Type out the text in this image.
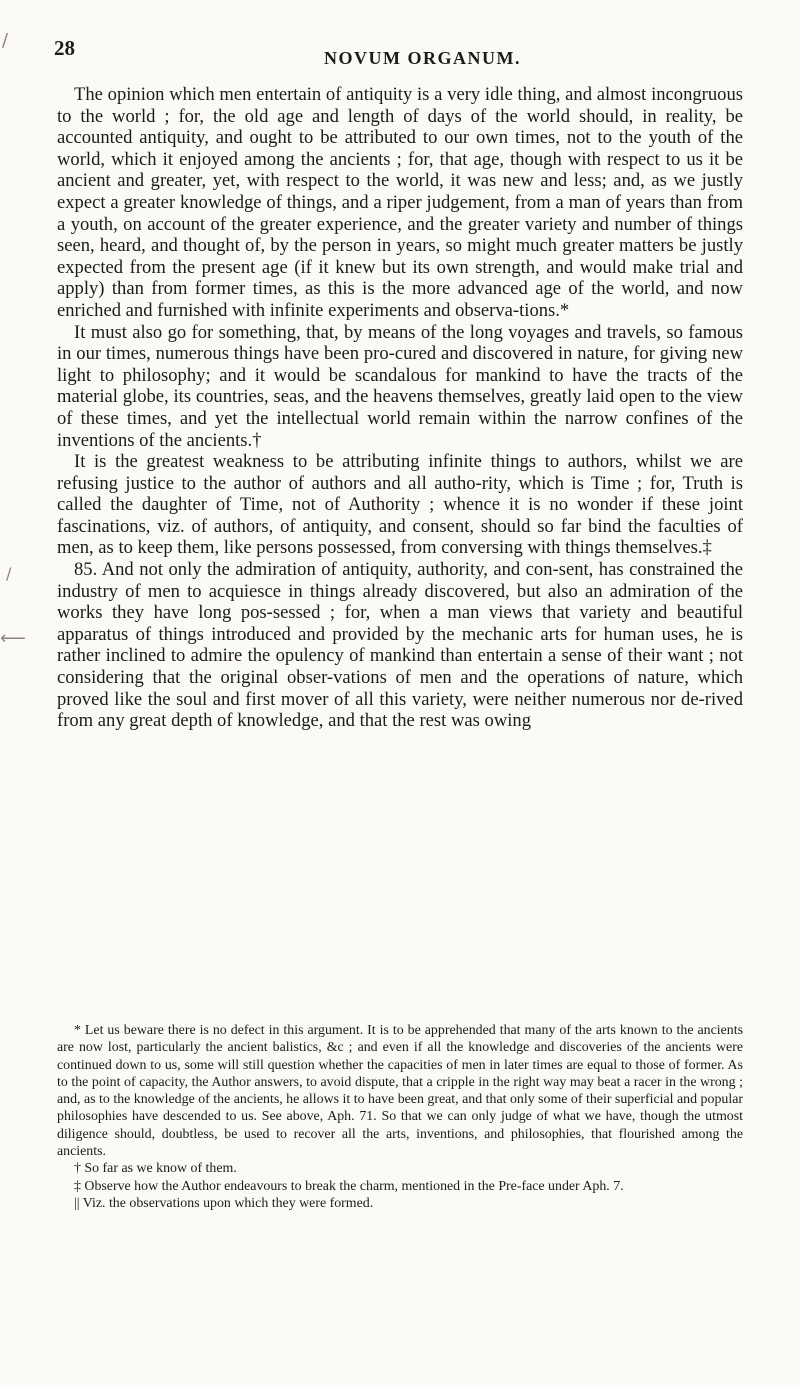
/
/
⟵
28	NOVUM ORGANUM.

The opinion which men entertain of antiquity is a very idle thing, and almost incongruous to the world ; for, the old age and length of days of the world should, in reality, be accounted antiquity, and ought to be attributed to our own times, not to the youth of the world, which it enjoyed among the ancients ; for, that age, though with respect to us it be ancient and greater, yet, with respect to the world, it was new and less; and, as we justly expect a greater knowledge of things, and a riper judgement, from a man of years than from a youth, on account of the greater experience, and the greater variety and number of things seen, heard, and thought of, by the person in years, so might much greater matters be justly expected from the present age (if it knew but its own strength, and would make trial and apply) than from former times, as this is the more advanced age of the world, and now enriched and furnished with infinite experiments and observa-tions.*

It must also go for something, that, by means of the long voyages and travels, so famous in our times, numerous things have been pro-cured and discovered in nature, for giving new light to philosophy; and it would be scandalous for mankind to have the tracts of the material globe, its countries, seas, and the heavens themselves, greatly laid open to the view of these times, and yet the intellectual world remain within the narrow confines of the inventions of the ancients.†

It is the greatest weakness to be attributing infinite things to authors, whilst we are refusing justice to the author of authors and all autho-rity, which is Time ; for, Truth is called the daughter of Time, not of Authority ; whence it is no wonder if these joint fascinations, viz. of authors, of antiquity, and consent, should so far bind the faculties of men, as to keep them, like persons possessed, from conversing with things themselves.‡

85. And not only the admiration of antiquity, authority, and con-sent, has constrained the industry of men to acquiesce in things already discovered, but also an admiration of the works they have long pos-sessed ; for, when a man views that variety and beautiful apparatus of things introduced and provided by the mechanic arts for human uses, he is rather inclined to admire the opulency of mankind than entertain a sense of their want ; not considering that the original obser-vations of men and the operations of nature, which proved like the soul and first mover of all this variety, were neither numerous nor de-rived from any great depth of knowledge, and that the rest was owing

* Let us beware there is no defect in this argument. It is to be apprehended that many of the arts known to the ancients are now lost, particularly the ancient balistics, &c ; and even if all the knowledge and discoveries of the ancients were continued down to us, some will still question whether the capacities of men in later times are equal to those of former. As to the point of capacity, the Author answers, to avoid dispute, that a cripple in the right way may beat a racer in the wrong ; and, as to the knowledge of the ancients, he allows it to have been great, and that only some of their superficial and popular philosophies have descended to us. See above, Aph. 71. So that we can only judge of what we have, though the utmost diligence should, doubtless, be used to recover all the arts, inventions, and philosophies, that flourished among the ancients.

† So far as we know of them.

‡ Observe how the Author endeavours to break the charm, mentioned in the Pre-face under Aph. 7.

|| Viz. the observations upon which they were formed.
